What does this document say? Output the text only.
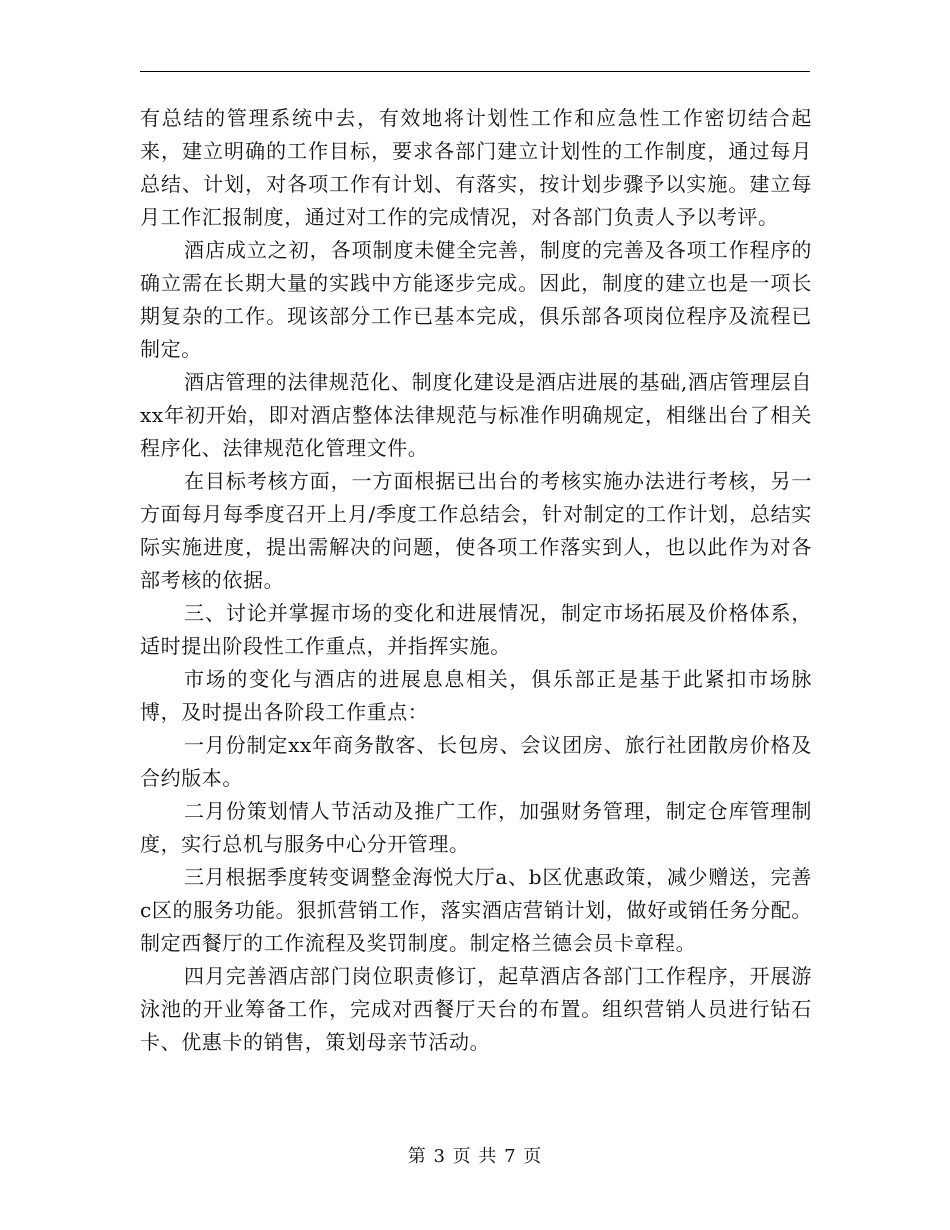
有总结的管理系统中去，有效地将计划性工作和应急性工作密切结合起来，建立明确的工作目标，要求各部门建立计划性的工作制度，通过每月总结、计划，对各项工作有计划、有落实，按计划步骤予以实施。建立每月工作汇报制度，通过对工作的完成情况，对各部门负责人予以考评。

酒店成立之初，各项制度未健全完善，制度的完善及各项工作程序的确立需在长期大量的实践中方能逐步完成。因此，制度的建立也是一项长期复杂的工作。现该部分工作已基本完成，俱乐部各项岗位程序及流程已制定。

酒店管理的法律规范化、制度化建设是酒店进展的基础,酒店管理层自xx年初开始，即对酒店整体法律规范与标准作明确规定，相继出台了相关程序化、法律规范化管理文件。

在目标考核方面，一方面根据已出台的考核实施办法进行考核，另一方面每月每季度召开上月/季度工作总结会，针对制定的工作计划，总结实际实施进度，提出需解决的问题，使各项工作落实到人，也以此作为对各部考核的依据。

三、讨论并掌握市场的变化和进展情况，制定市场拓展及价格体系，适时提出阶段性工作重点，并指挥实施。

市场的变化与酒店的进展息息相关，俱乐部正是基于此紧扣市场脉博，及时提出各阶段工作重点：

一月份制定xx年商务散客、长包房、会议团房、旅行社团散房价格及合约版本。

二月份策划情人节活动及推广工作，加强财务管理，制定仓库管理制度，实行总机与服务中心分开管理。

三月根据季度转变调整金海悦大厅a、b区优惠政策，减少赠送，完善c区的服务功能。狠抓营销工作，落实酒店营销计划，做好或销任务分配。制定西餐厅的工作流程及奖罚制度。制定格兰德会员卡章程。

四月完善酒店部门岗位职责修订，起草酒店各部门工作程序，开展游泳池的开业筹备工作，完成对西餐厅天台的布置。组织营销人员进行钻石卡、优惠卡的销售，策划母亲节活动。

第 3 页 共 7 页
